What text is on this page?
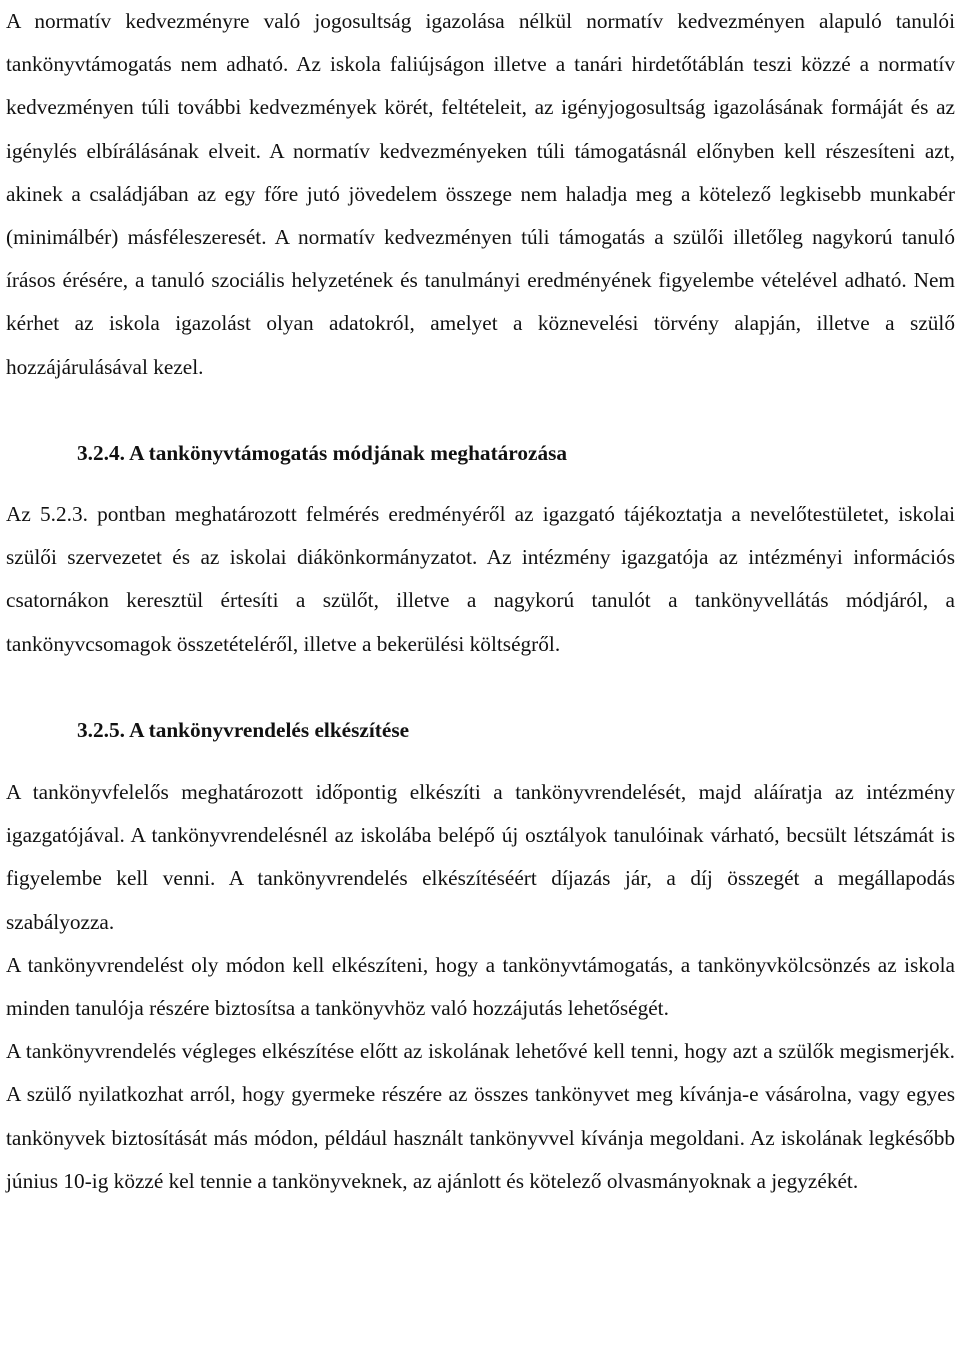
A normatív kedvezményre való jogosultság igazolása nélkül normatív kedvezményen alapuló tanulói tankönyvtámogatás nem adható. Az iskola faliújságon illetve a tanári hirdetőtáblán teszi közzé a normatív kedvezményen túli további kedvezmények körét, feltételeit, az igényjogosultság igazolásának formáját és az igénylés elbírálásának elveit. A normatív kedvezményeken túli támogatásnál előnyben kell részesíteni azt, akinek a családjában az egy főre jutó jövedelem összege nem haladja meg a kötelező legkisebb munkabér (minimálbér) másféleszeresét. A normatív kedvezményen túli támogatás a szülői illetőleg nagykorú tanuló írásos érésére, a tanuló szociális helyzetének és tanulmányi eredményének figyelembe vételével adható. Nem kérhet az iskola igazolást olyan adatokról, amelyet a köznevelési törvény alapján, illetve a szülő hozzájárulásával kezel.

3.2.4. A tankönyvtámogatás módjának meghatározása

Az 5.2.3. pontban meghatározott felmérés eredményéről az igazgató tájékoztatja a nevelőtestületet, iskolai szülői szervezetet és az iskolai diákönkormányzatot. Az intézmény igazgatója az intézményi információs csatornákon keresztül értesíti a szülőt, illetve a nagykorú tanulót a tankönyvellátás módjáról, a tankönyvcsomagok összetételéről, illetve a bekerülési költségről.

3.2.5. A tankönyvrendelés elkészítése

A tankönyvfelelős meghatározott időpontig elkészíti a tankönyvrendelését, majd aláíratja az intézmény igazgatójával. A tankönyvrendelésnél az iskolába belépő új osztályok tanulóinak várható, becsült létszámát is figyelembe kell venni. A tankönyvrendelés elkészítéséért díjazás jár, a díj összegét a megállapodás szabályozza.

A tankönyvrendelést oly módon kell elkészíteni, hogy a tankönyvtámogatás, a tankönyvkölcsönzés az iskola minden tanulója részére biztosítsa a tankönyvhöz való hozzájutás lehetőségét.

A tankönyvrendelés végleges elkészítése előtt az iskolának lehetővé kell tenni, hogy azt a szülők megismerjék. A szülő nyilatkozhat arról, hogy gyermeke részére az összes tankönyvet meg kívánja-e vásárolna, vagy egyes tankönyvek biztosítását más módon, például használt tankönyvvel kívánja megoldani. Az iskolának legkésőbb június 10-ig közzé kel tennie a tankönyveknek, az ajánlott és kötelező olvasmányoknak a jegyzékét.
